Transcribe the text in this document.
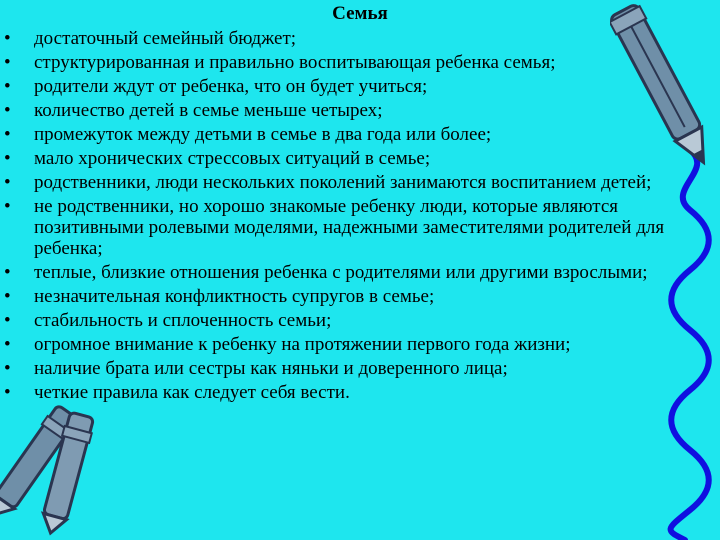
Семья
• достаточный семейный бюджет;
• структурированная и правильно воспитывающая ребенка семья;
• родители ждут от ребенка, что он будет учиться;
• количество детей в семье меньше четырех;
• промежуток между детьми в семье в два года или более;
• мало хронических стрессовых ситуаций в семье;
• родственники, люди нескольких поколений занимаются воспитанием детей;
• не родственники, но хорошо знакомые ребенку люди, которые являются позитивными ролевыми моделями, надежными заместителями родителей для ребенка;
• теплые, близкие отношения ребенка с родителями или другими взрослыми;
• незначительная конфликтность супругов в семье;
• стабильность и сплоченность семьи;
• огромное внимание к ребенку на протяжении первого года жизни;
• наличие брата или сестры как няньки и доверенного лица;
• четкие правила как следует себя вести.
